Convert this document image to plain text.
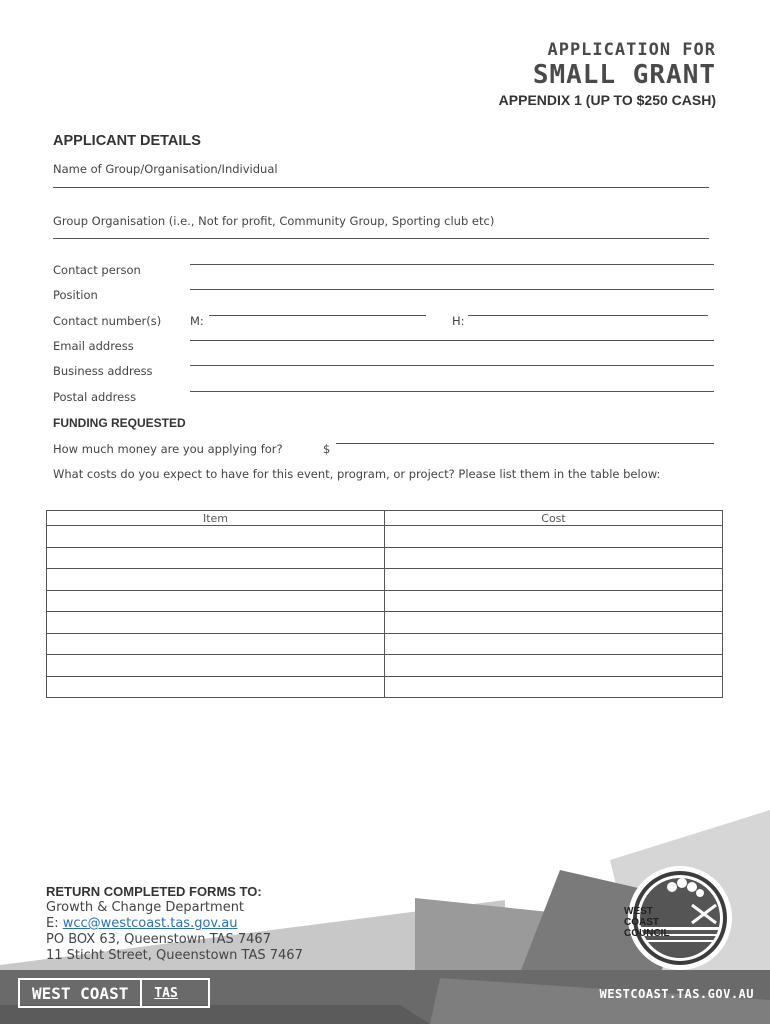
APPLICATION FOR
SMALL GRANT
APPENDIX 1 (UP TO $250 CASH)
APPLICANT DETAILS
Name of Group/Organisation/Individual
Group Organisation (i.e., Not for profit, Community Group, Sporting club etc)
Contact person
Position
Contact number(s)	M:	H:
Email address
Business address
Postal address
FUNDING REQUESTED
How much money are you applying for?	$
What costs do you expect to have for this event, program, or project? Please list them in the table below:
Item	Cost

RETURN COMPLETED FORMS TO:
Growth & Change Department
E: wcc@westcoast.tas.gov.au
PO BOX 63, Queenstown TAS 7467
11 Sticht Street, Queenstown TAS 7467
WEST
COAST
COUNCIL
WEST COAST	TAS	WESTCOAST.TAS.GOV.AU
